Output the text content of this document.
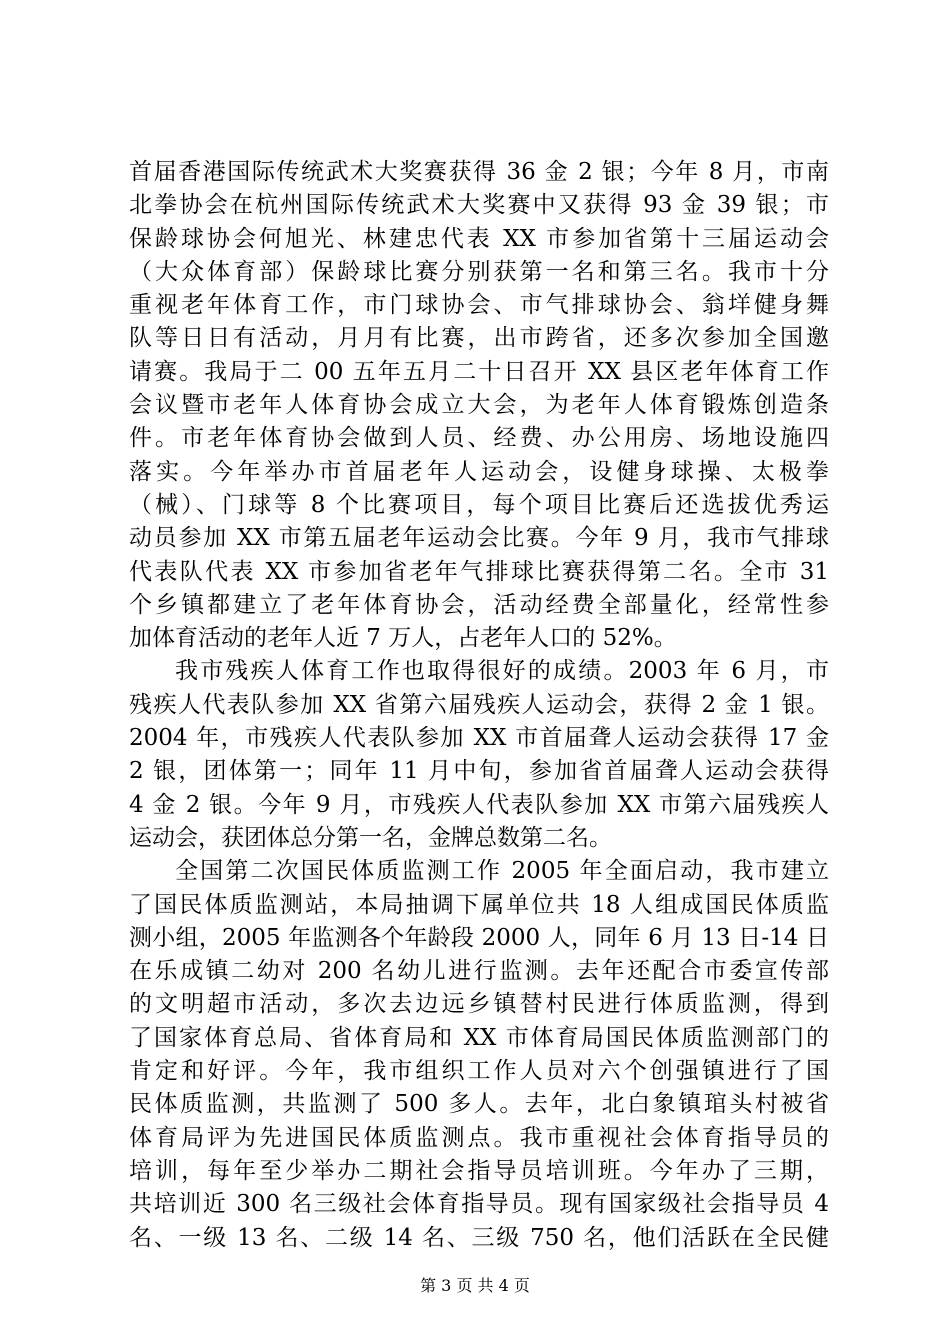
首届香港国际传统武术大奖赛获得 36 金 2 银；今年 8 月，市南
北拳协会在杭州国际传统武术大奖赛中又获得 93 金 39 银；市
保龄球协会何旭光、林建忠代表 XX 市参加省第十三届运动会
（大众体育部）保龄球比赛分别获第一名和第三名。我市十分
重视老年体育工作，市门球协会、市气排球协会、翁垟健身舞
队等日日有活动，月月有比赛，出市跨省，还多次参加全国邀
请赛。我局于二 00 五年五月二十日召开 XX 县区老年体育工作
会议暨市老年人体育协会成立大会，为老年人体育锻炼创造条
件。市老年体育协会做到人员、经费、办公用房、场地设施四
落实。今年举办市首届老年人运动会，设健身球操、太极拳
（械）、门球等 8 个比赛项目，每个项目比赛后还选拔优秀运
动员参加 XX 市第五届老年运动会比赛。今年 9 月，我市气排球
代表队代表 XX 市参加省老年气排球比赛获得第二名。全市 31
个乡镇都建立了老年体育协会，活动经费全部量化，经常性参
加体育活动的老年人近 7 万人，占老年人口的 52%。
我市残疾人体育工作也取得很好的成绩。2003 年 6 月，市
残疾人代表队参加 XX 省第六届残疾人运动会，获得 2 金 1 银。
2004 年，市残疾人代表队参加 XX 市首届聋人运动会获得 17 金
2 银，团体第一；同年 11 月中旬，参加省首届聋人运动会获得
4 金 2 银。今年 9 月，市残疾人代表队参加 XX 市第六届残疾人
运动会，获团体总分第一名，金牌总数第二名。
全国第二次国民体质监测工作 2005 年全面启动，我市建立
了国民体质监测站，本局抽调下属单位共 18 人组成国民体质监
测小组，2005 年监测各个年龄段 2000 人，同年 6 月 13 日-14 日
在乐成镇二幼对 200 名幼儿进行监测。去年还配合市委宣传部
的文明超市活动，多次去边远乡镇替村民进行体质监测，得到
了国家体育总局、省体育局和 XX 市体育局国民体质监测部门的
肯定和好评。今年，我市组织工作人员对六个创强镇进行了国
民体质监测，共监测了 500 多人。去年，北白象镇琯头村被省
体育局评为先进国民体质监测点。我市重视社会体育指导员的
培训，每年至少举办二期社会指导员培训班。今年办了三期，
共培训近 300 名三级社会体育指导员。现有国家级社会指导员 4
名、一级 13 名、二级 14 名、三级 750 名，他们活跃在全民健
第 3 页 共 4 页
